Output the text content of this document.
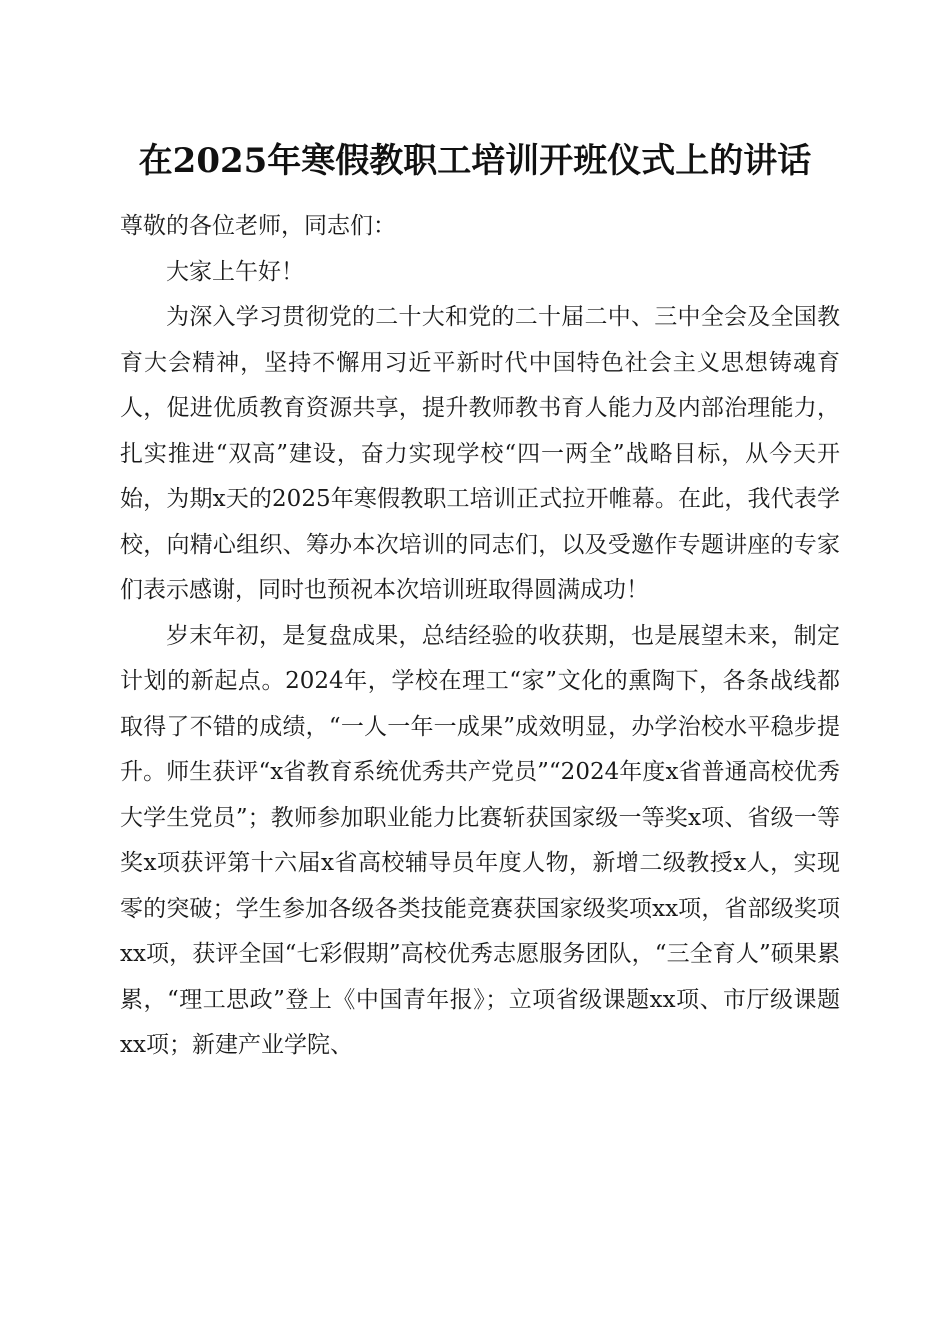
在2025年寒假教职工培训开班仪式上的讲话

尊敬的各位老师，同志们：

大家上午好！

为深入学习贯彻党的二十大和党的二十届二中、三中全会及全国教育大会精神，坚持不懈用习近平新时代中国特色社会主义思想铸魂育人，促进优质教育资源共享，提升教师教书育人能力及内部治理能力，扎实推进“双高”建设，奋力实现学校“四一两全”战略目标，从今天开始，为期x天的2025年寒假教职工培训正式拉开帷幕。在此，我代表学校，向精心组织、筹办本次培训的同志们，以及受邀作专题讲座的专家们表示感谢，同时也预祝本次培训班取得圆满成功！

岁末年初，是复盘成果，总结经验的收获期，也是展望未来，制定计划的新起点。2024年，学校在理工“家”文化的熏陶下，各条战线都取得了不错的成绩，“一人一年一成果”成效明显，办学治校水平稳步提升。师生获评“x省教育系统优秀共产党员”“2024年度x省普通高校优秀大学生党员”；教师参加职业能力比赛斩获国家级一等奖x项、省级一等奖x项获评第十六届x省高校辅导员年度人物，新增二级教授x人，实现零的突破；学生参加各级各类技能竞赛获国家级奖项xx项，省部级奖项xx项，获评全国“七彩假期”高校优秀志愿服务团队，“三全育人”硕果累累，“理工思政”登上《中国青年报》；立项省级课题xx项、市厅级课题xx项；新建产业学院、
